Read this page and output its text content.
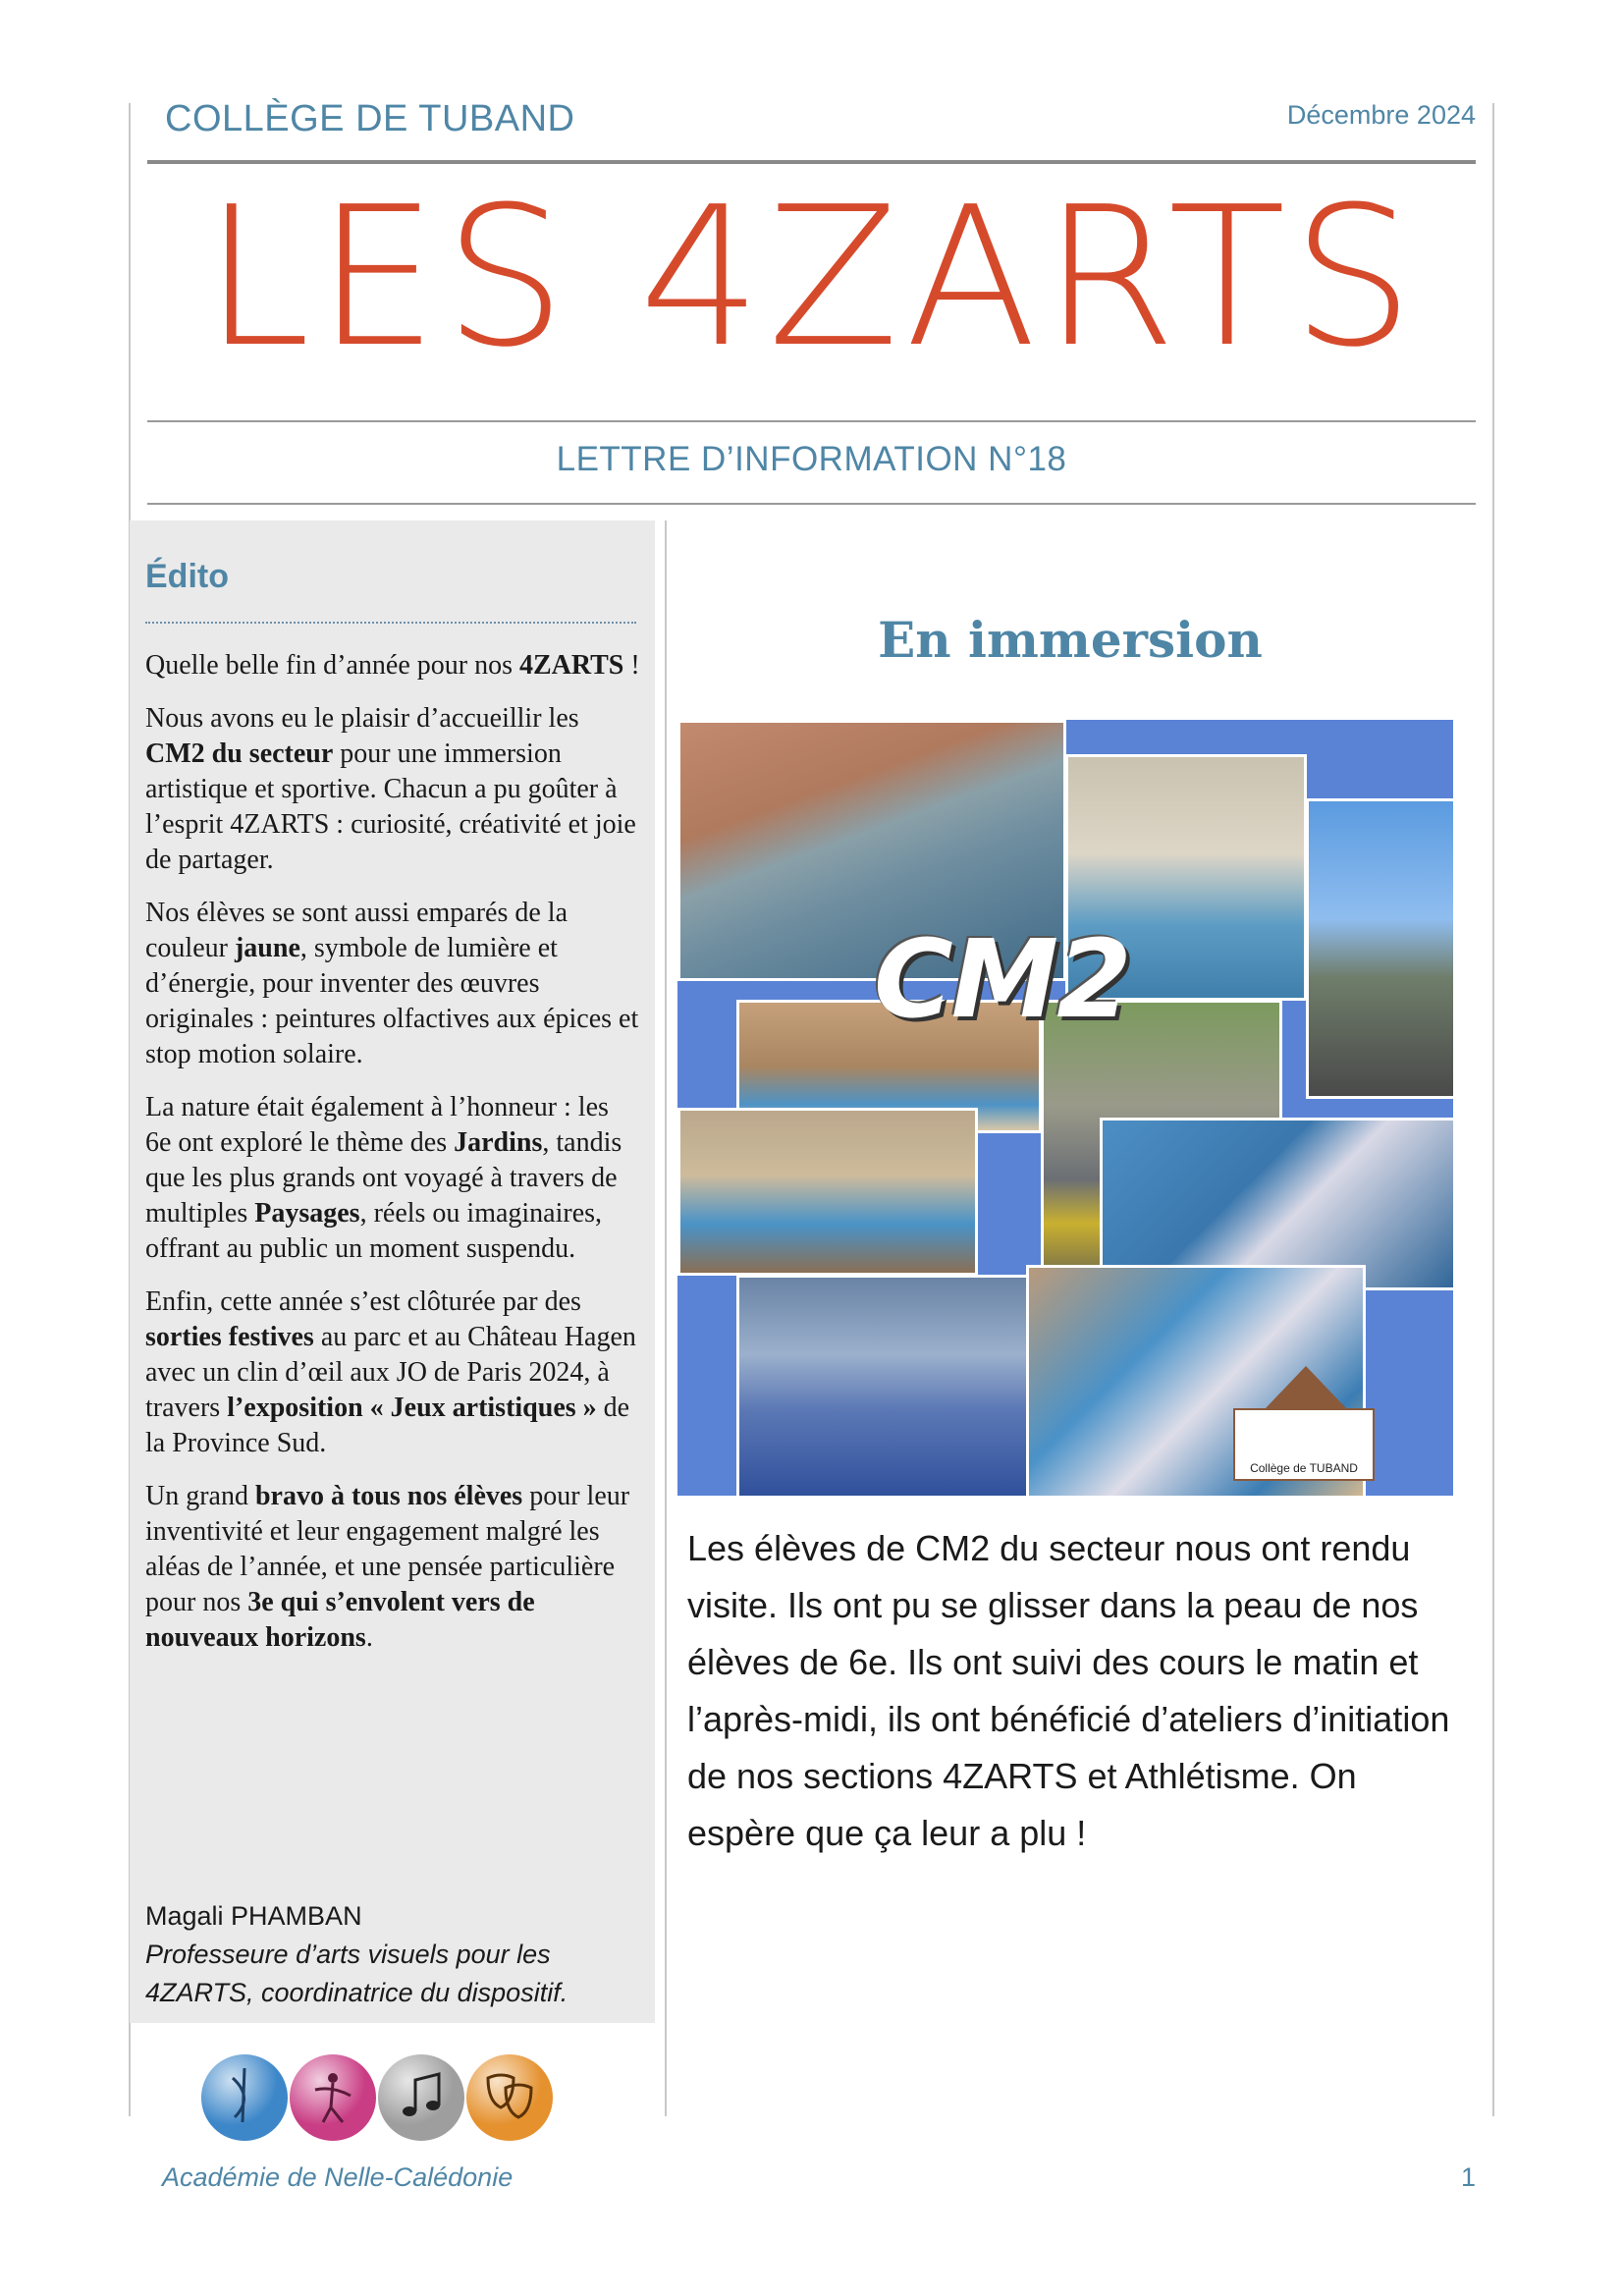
COLLÈGE DE TUBAND	Décembre 2024
LES 4ZARTS
LETTRE D’INFORMATION N°18
Édito

Quelle belle fin d’année pour nos 4ZARTS !

Nous avons eu le plaisir d’accueillir les CM2 du secteur pour une immersion artistique et sportive. Chacun a pu goûter à l’esprit 4ZARTS : curiosité, créativité et joie de partager.

Nos élèves se sont aussi emparés de la couleur jaune, symbole de lumière et d’énergie, pour inventer des œuvres originales : peintures olfactives aux épices et stop motion solaire.

La nature était également à l’honneur : les 6e ont exploré le thème des Jardins, tandis que les plus grands ont voyagé à travers de multiples Paysages, réels ou imaginaires, offrant au public un moment suspendu.

Enfin, cette année s’est clôturée par des sorties festives au parc et au Château Hagen avec un clin d’œil aux JO de Paris 2024, à travers l’exposition « Jeux artistiques » de la Province Sud.

Un grand bravo à tous nos élèves pour leur inventivité et leur engagement malgré les aléas de l’année, et une pensée particulière pour nos 3e qui s’envolent vers de nouveaux horizons.

Magali PHAMBAN
Professeure d’arts visuels pour les 4ZARTS, coordinatrice du dispositif.
En immersion
CM2
Collège de TUBAND
Les élèves de CM2 du secteur nous ont rendu visite. Ils ont pu se glisser dans la peau de nos élèves de 6e. Ils ont suivi des cours le matin et l’après-midi, ils ont bénéficié d’ateliers d’initiation de nos sections 4ZARTS et Athlétisme. On espère que ça leur a plu !
Académie de Nelle-Calédonie	1
